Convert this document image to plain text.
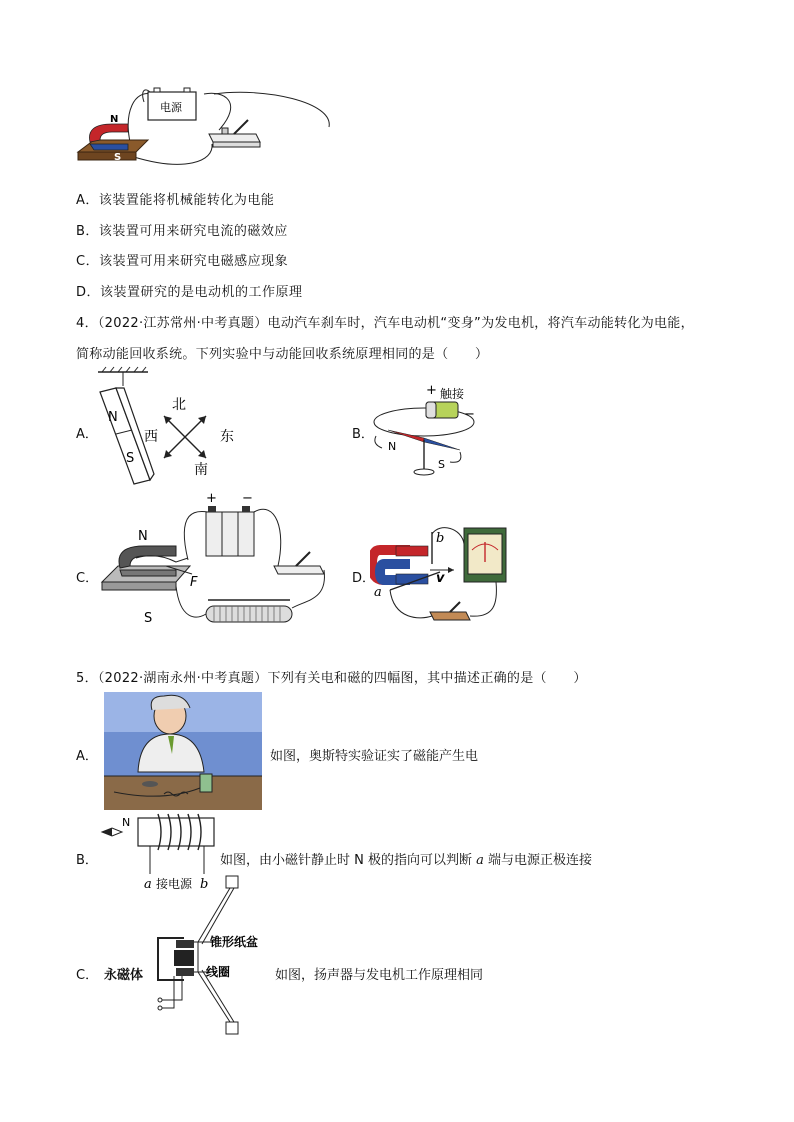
电源
N
S
A．该装置能将机械能转化为电能
B．该装置可用来研究电流的磁效应
C．该装置可用来研究电磁感应现象
D．该装置研究的是电动机的工作原理
4．（2022·江苏常州·中考真题）电动汽车刹车时，汽车电动机“变身”为发电机，将汽车动能转化为电能，
简称动能回收系统。下列实验中与动能回收系统原理相同的是（　　）
A．
N
S
北
西	东
南
B．
+ 触接
−
N
S
C．
N
S
F
+ −
D．
b
a
v
5．（2022·湖南永州·中考真题）下列有关电和磁的四幅图，其中描述正确的是（　　）
A．	如图，奥斯特实验证实了磁能产生电
B．
N
a 接电源 b
如图，由小磁针静止时 N 极的指向可以判断 a 端与电源正极连接
C． 永磁体
锥形纸盆
线圈	如图，扬声器与发电机工作原理相同
